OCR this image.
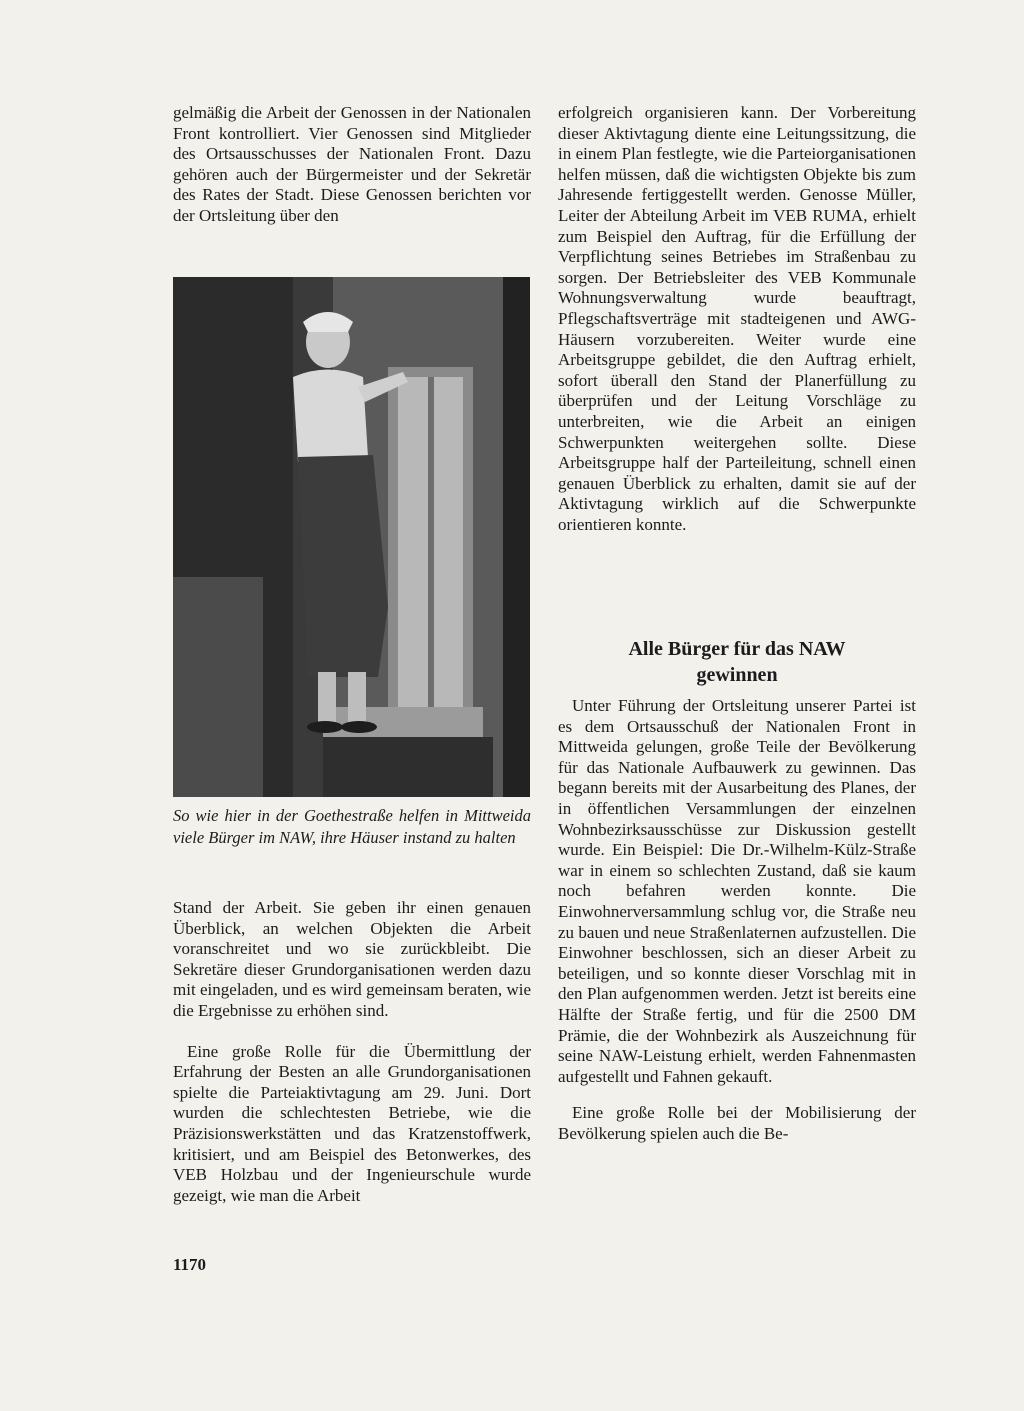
gelmäßig die Arbeit der Genossen in der Nationalen Front kontrolliert. Vier Genossen sind Mitglieder des Ortsausschusses der Nationalen Front. Dazu gehören auch der Bürgermeister und der Sekretär des Rates der Stadt. Diese Genossen berichten vor der Ortsleitung über den

So wie hier in der Goethestraße helfen in Mittweida viele Bürger im NAW, ihre Häuser instand zu halten

Stand der Arbeit. Sie geben ihr einen genauen Überblick, an welchen Objekten die Arbeit voranschreitet und wo sie zurückbleibt. Die Sekretäre dieser Grundorganisationen werden dazu mit eingeladen, und es wird gemeinsam beraten, wie die Ergebnisse zu erhöhen sind.

Eine große Rolle für die Übermittlung der Erfahrung der Besten an alle Grundorganisationen spielte die Parteiaktivtagung am 29. Juni. Dort wurden die schlechtesten Betriebe, wie die Präzisionswerkstätten und das Kratzenstoffwerk, kritisiert, und am Beispiel des Betonwerkes, des VEB Holzbau und der Ingenieurschule wurde gezeigt, wie man die Arbeit

erfolgreich organisieren kann. Der Vorbereitung dieser Aktivtagung diente eine Leitungssitzung, die in einem Plan festlegte, wie die Parteiorganisationen helfen müssen, daß die wichtigsten Objekte bis zum Jahresende fertiggestellt werden. Genosse Müller, Leiter der Abteilung Arbeit im VEB RUMA, erhielt zum Beispiel den Auftrag, für die Erfüllung der Verpflichtung seines Betriebes im Straßenbau zu sorgen. Der Betriebsleiter des VEB Kommunale Wohnungsverwaltung wurde beauftragt, Pflegschaftsverträge mit stadteigenen und AWG-Häusern vorzubereiten. Weiter wurde eine Arbeitsgruppe gebildet, die den Auftrag erhielt, sofort überall den Stand der Planerfüllung zu überprüfen und der Leitung Vorschläge zu unterbreiten, wie die Arbeit an einigen Schwerpunkten weitergehen sollte. Diese Arbeitsgruppe half der Parteileitung, schnell einen genauen Überblick zu erhalten, damit sie auf der Aktivtagung wirklich auf die Schwerpunkte orientieren konnte.

Alle Bürger für das NAW
gewinnen

Unter Führung der Ortsleitung unserer Partei ist es dem Ortsausschuß der Nationalen Front in Mittweida gelungen, große Teile der Bevölkerung für das Nationale Aufbauwerk zu gewinnen. Das begann bereits mit der Ausarbeitung des Planes, der in öffentlichen Versammlungen der einzelnen Wohnbezirksausschüsse zur Diskussion gestellt wurde. Ein Beispiel: Die Dr.-Wilhelm-Külz-Straße war in einem so schlechten Zustand, daß sie kaum noch befahren werden konnte. Die Einwohnerversammlung schlug vor, die Straße neu zu bauen und neue Straßenlaternen aufzustellen. Die Einwohner beschlossen, sich an dieser Arbeit zu beteiligen, und so konnte dieser Vorschlag mit in den Plan aufgenommen werden. Jetzt ist bereits eine Hälfte der Straße fertig, und für die 2500 DM Prämie, die der Wohnbezirk als Auszeichnung für seine NAW-Leistung erhielt, werden Fahnenmasten aufgestellt und Fahnen gekauft.

Eine große Rolle bei der Mobilisierung der Bevölkerung spielen auch die Be-

1170
